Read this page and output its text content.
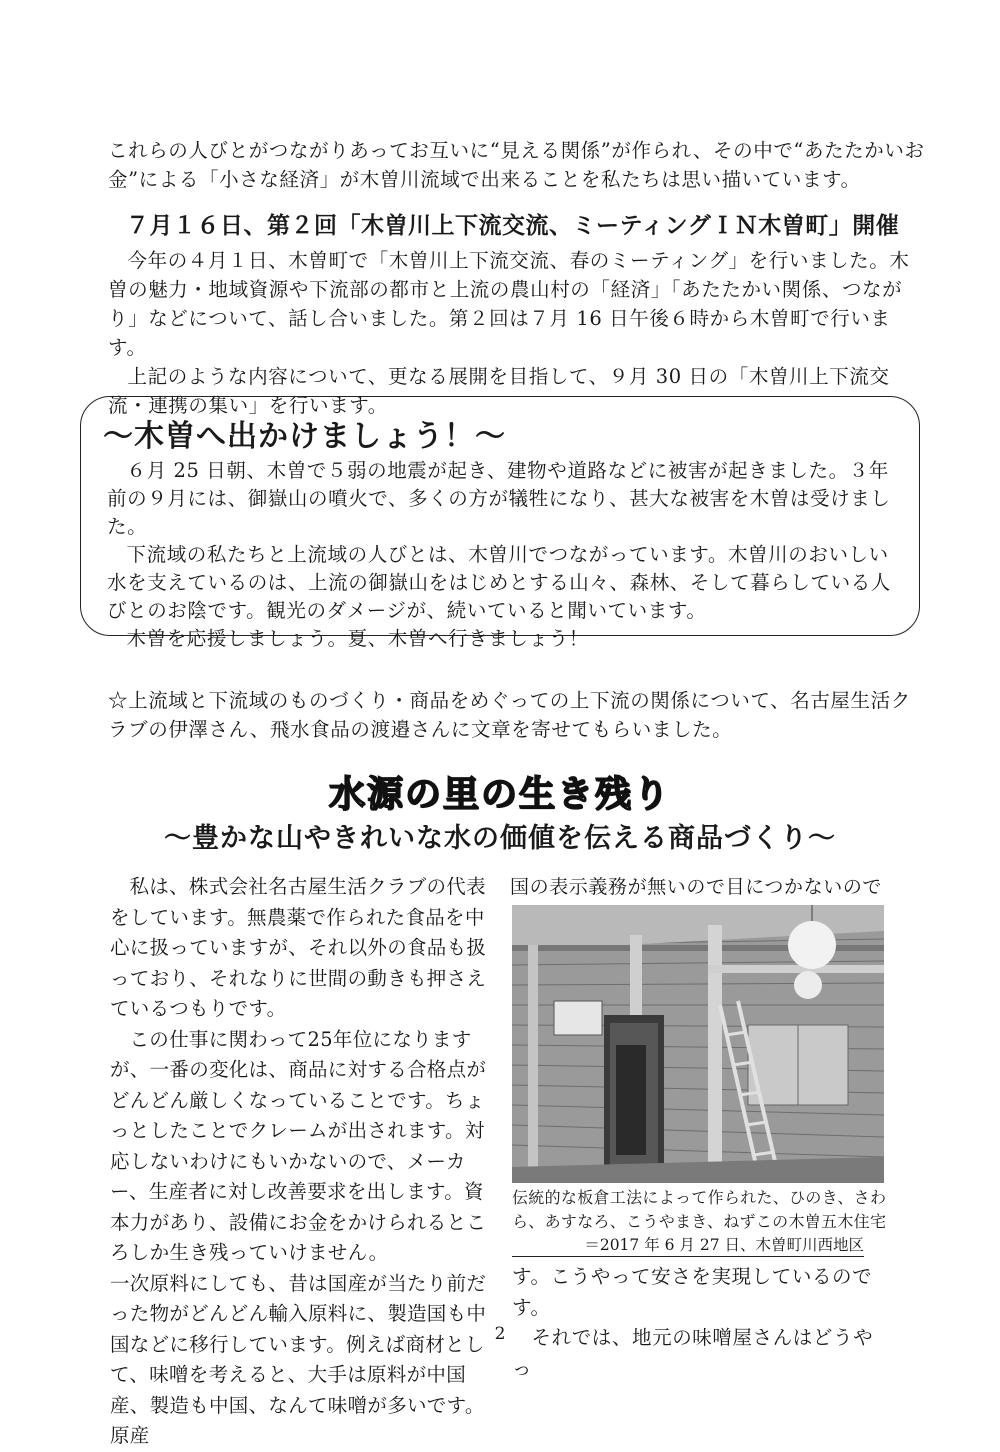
これらの人びとがつながりあってお互いに“見える関係”が作られ、その中で“あたたかいお金”による「小さな経済」が木曽川流域で出来ることを私たちは思い描いています。

７月１６日、第２回「木曽川上下流交流、ミーティングＩＮ木曽町」開催

今年の４月１日、木曽町で「木曽川上下流交流、春のミーティング」を行いました。木曽の魅力・地域資源や下流部の都市と上流の農山村の「経済」「あたたかい関係、つながり」などについて、話し合いました。第２回は７月 16 日午後６時から木曽町で行います。

上記のような内容について、更なる展開を目指して、９月 30 日の「木曽川上下流交流・連携の集い」を行います。

～木曽へ出かけましょう！～

６月 25 日朝、木曽で５弱の地震が起き、建物や道路などに被害が起きました。３年前の９月には、御嶽山の噴火で、多くの方が犠牲になり、甚大な被害を木曽は受けました。

下流域の私たちと上流域の人びとは、木曽川でつながっています。木曽川のおいしい水を支えているのは、上流の御嶽山をはじめとする山々、森林、そして暮らしている人びとのお陰です。観光のダメージが、続いていると聞いています。

木曽を応援しましょう。夏、木曽へ行きましょう！

☆上流域と下流域のものづくり・商品をめぐっての上下流の関係について、名古屋生活クラブの伊澤さん、飛水食品の渡邉さんに文章を寄せてもらいました。

水源の里の生き残り
～豊かな山やきれいな水の価値を伝える商品づくり～

私は、株式会社名古屋生活クラブの代表をしています。無農薬で作られた食品を中心に扱っていますが、それ以外の食品も扱っており、それなりに世間の動きも押さえているつもりです。

この仕事に関わって25年位になりますが、一番の変化は、商品に対する合格点がどんどん厳しくなっていることです。ちょっとしたことでクレームが出されます。対応しないわけにもいかないので、メーカー、生産者に対し改善要求を出します。資本力があり、設備にお金をかけられるところしか生き残っていけません。

一次原料にしても、昔は国産が当たり前だった物がどんどん輸入原料に、製造国も中国などに移行しています。例えば商材として、味噌を考えると、大手は原料が中国産、製造も中国、なんて味噌が多いです。原産

国の表示義務が無いので目につかないので

伝統的な板倉工法によって作られた、ひのき、さわら、あすなろ、こうやまき、ねずこの木曽五木住宅

＝2017 年 6 月 27 日、木曽町川西地区

す。こうやって安さを実現しているのです。

それでは、地元の味噌屋さんはどうやっ

2
